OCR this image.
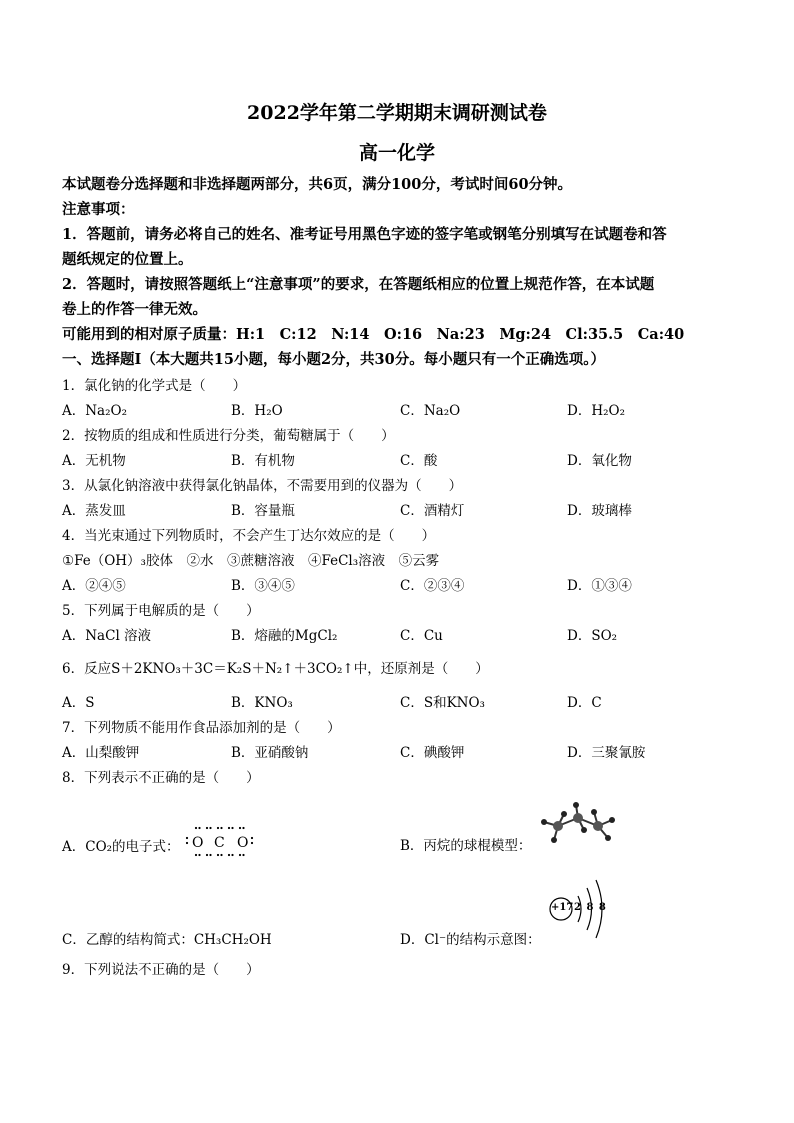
2022学年第二学期期末调研测试卷
高一化学
本试题卷分选择题和非选择题两部分，共6页，满分100分，考试时间60分钟。
注意事项：
1．答题前，请务必将自己的姓名、准考证号用黑色字迹的签字笔或钢笔分别填写在试题卷和答
题纸规定的位置上。
2．答题时，请按照答题纸上“注意事项”的要求，在答题纸相应的位置上规范作答，在本试题
卷上的作答一律无效。
可能用到的相对原子质量：H:1　C:12　N:14　O:16　Na:23　Mg:24　Cl:35.5　Ca:40
一、选择题Ⅰ（本大题共15小题，每小题2分，共30分。每小题只有一个正确选项。）
1．氯化钠的化学式是（　　）
A．Na₂O₂	B．H₂O	C．Na₂O	D．H₂O₂
2．按物质的组成和性质进行分类，葡萄糖属于（　　）
A．无机物	B．有机物	C．酸	D．氧化物
3．从氯化钠溶液中获得氯化钠晶体，不需要用到的仪器为（　　）
A．蒸发皿	B．容量瓶	C．酒精灯	D．玻璃棒
4．当光束通过下列物质时，不会产生丁达尔效应的是（　　）
①Fe（OH）₃胶体　②水　③蔗糖溶液　④FeCl₃溶液　⑤云雾
A．②④⑤	B．③④⑤	C．②③④	D．①③④
5．下列属于电解质的是（　　）
A．NaCl 溶液	B．熔融的MgCl₂	C．Cu	D．SO₂
6．反应S＋2KNO₃＋3C＝K₂S＋N₂↑＋3CO₂↑中，还原剂是（　　）
A．S	B．KNO₃	C．S和KNO₃	D．C
7．下列物质不能用作食品添加剂的是（　　）
A．山梨酸钾	B．亚硝酸钠	C．碘酸钾	D．三聚氰胺
8．下列表示不正确的是（　　）
A．CO₂的电子式： O C O	B．丙烷的球棍模型：
C．乙醇的结构简式：CH₃CH₂OH	D．Cl⁻的结构示意图：
+17 2 8 8
9．下列说法不正确的是（　　）
